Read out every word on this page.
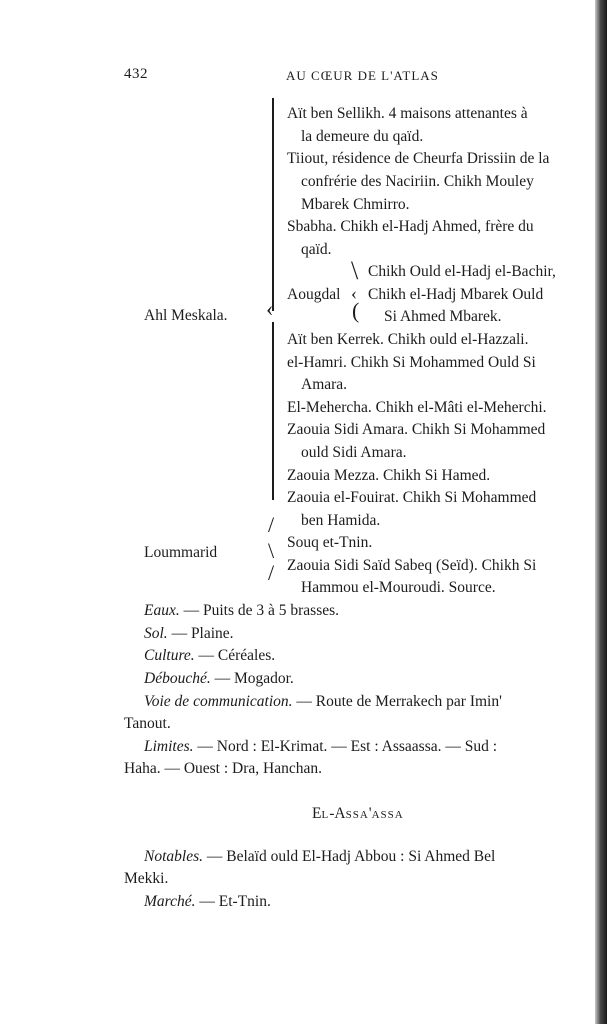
432	AU CŒUR DE L'ATLAS
Ahl Meskala.
Loummarid
‹
/
\
/
Aït ben Sellikh. 4 maisons attenantes à
la demeure du qaïd.
Tiiout, résidence de Cheurfa Drissiin de la
confrérie des Naciriin. Chikh Mouley
Mbarek Chmirro.
Sbabha. Chikh el-Hadj Ahmed, frère du
qaïd.
Aougdal
\
‹
(
Chikh Ould el-Hadj el-Bachir,
Chikh el-Hadj Mbarek Ould
Si Ahmed Mbarek.
Aït ben Kerrek. Chikh ould el-Hazzali.
el-Hamri. Chikh Si Mohammed Ould Si
Amara.
El-Meherchа. Chikh el-Mâti el-Meherchi.
Zaouia Sidi Amara. Chikh Si Mohammed
ould Sidi Amara.
Zaouia Mezza. Chikh Si Hamed.
Zaouia el-Fouirat. Chikh Si Mohammed
ben Hamida.
Souq et-Tnin.
Zaouia Sidi Saïd Sabeq (Seïd). Chikh Si
Hammou el-Mouroudi. Source.
Eaux. — Puits de 3 à 5 brasses.
Sol. — Plaine.
Culture. — Céréales.
Débouché. — Mogador.
Voie de communication. — Route de Merrakech par Imin'
Tanout.
Limites. — Nord : El-Krimat. — Est : Assaassa. — Sud :
Haha. — Ouest : Dra, Hanchan.
EL-ASSA'ASSA
Notables. — Belaïd ould El-Hadj Abbou : Si Ahmed Bel
Mekki.
Marché. — Et-Tnin.
